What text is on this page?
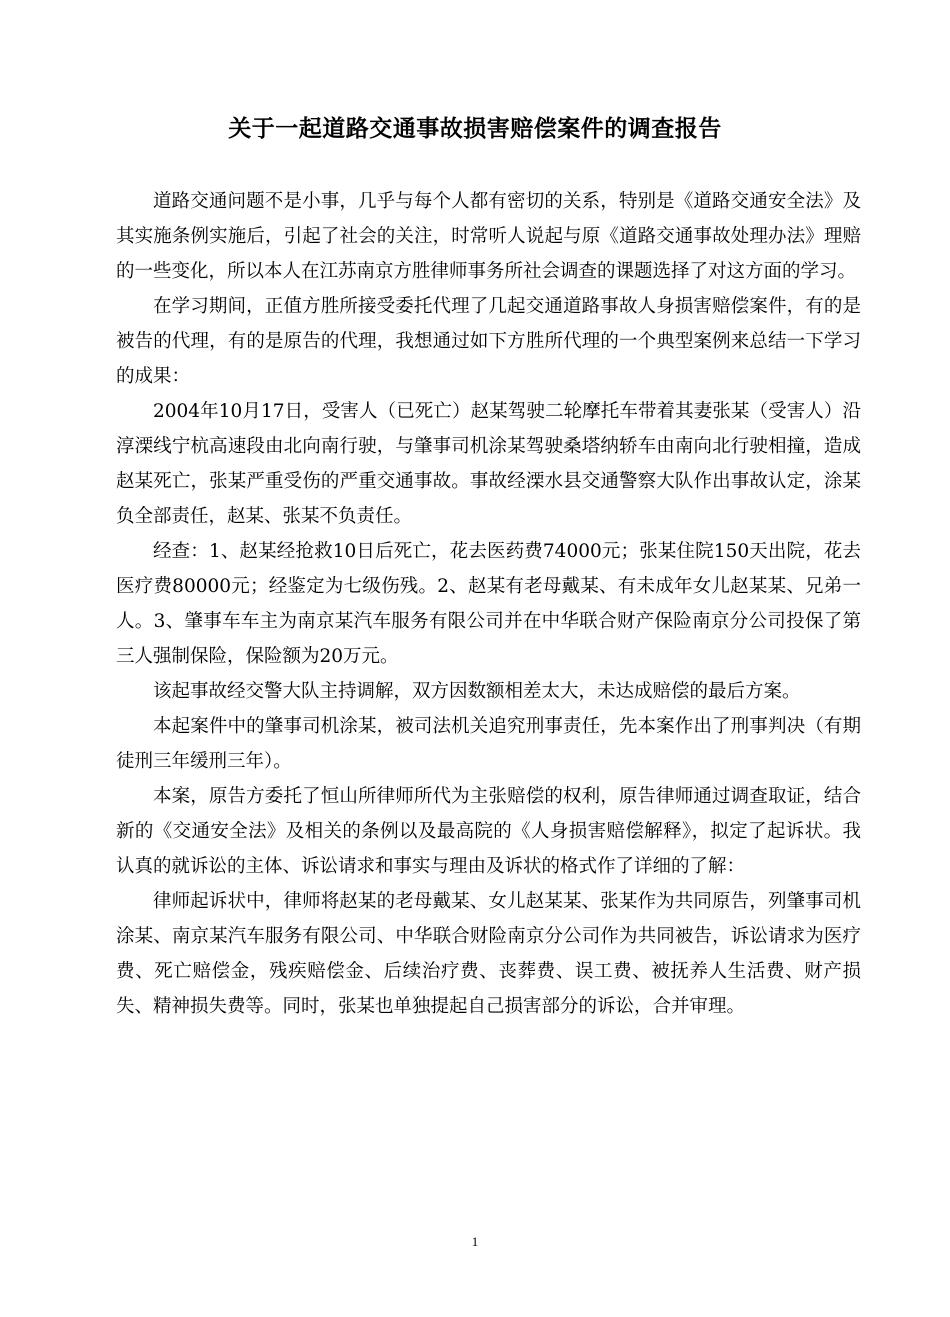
关于一起道路交通事故损害赔偿案件的调查报告

道路交通问题不是小事，几乎与每个人都有密切的关系，特别是《道路交通安全法》及其实施条例实施后，引起了社会的关注，时常听人说起与原《道路交通事故处理办法》理赔的一些变化，所以本人在江苏南京方胜律师事务所社会调查的课题选择了对这方面的学习。

在学习期间，正值方胜所接受委托代理了几起交通道路事故人身损害赔偿案件，有的是被告的代理，有的是原告的代理，我想通过如下方胜所代理的一个典型案例来总结一下学习的成果：

2004年10月17日，受害人（已死亡）赵某驾驶二轮摩托车带着其妻张某（受害人）沿淳溧线宁杭高速段由北向南行驶，与肇事司机涂某驾驶桑塔纳轿车由南向北行驶相撞，造成赵某死亡，张某严重受伤的严重交通事故。事故经溧水县交通警察大队作出事故认定，涂某负全部责任，赵某、张某不负责任。

经查：1、赵某经抢救10日后死亡，花去医药费74000元；张某住院150天出院，花去医疗费80000元；经鉴定为七级伤残。2、赵某有老母戴某、有未成年女儿赵某某、兄弟一人。3、肇事车车主为南京某汽车服务有限公司并在中华联合财产保险南京分公司投保了第三人强制保险，保险额为20万元。

该起事故经交警大队主持调解，双方因数额相差太大，未达成赔偿的最后方案。

本起案件中的肇事司机涂某，被司法机关追究刑事责任，先本案作出了刑事判决（有期徒刑三年缓刑三年）。

本案，原告方委托了恒山所律师所代为主张赔偿的权利，原告律师通过调查取证，结合新的《交通安全法》及相关的条例以及最高院的《人身损害赔偿解释》，拟定了起诉状。我认真的就诉讼的主体、诉讼请求和事实与理由及诉状的格式作了详细的了解：

律师起诉状中，律师将赵某的老母戴某、女儿赵某某、张某作为共同原告，列肇事司机涂某、南京某汽车服务有限公司、中华联合财险南京分公司作为共同被告，诉讼请求为医疗费、死亡赔偿金，残疾赔偿金、后续治疗费、丧葬费、误工费、被抚养人生活费、财产损失、精神损失费等。同时，张某也单独提起自己损害部分的诉讼，合并审理。

1
